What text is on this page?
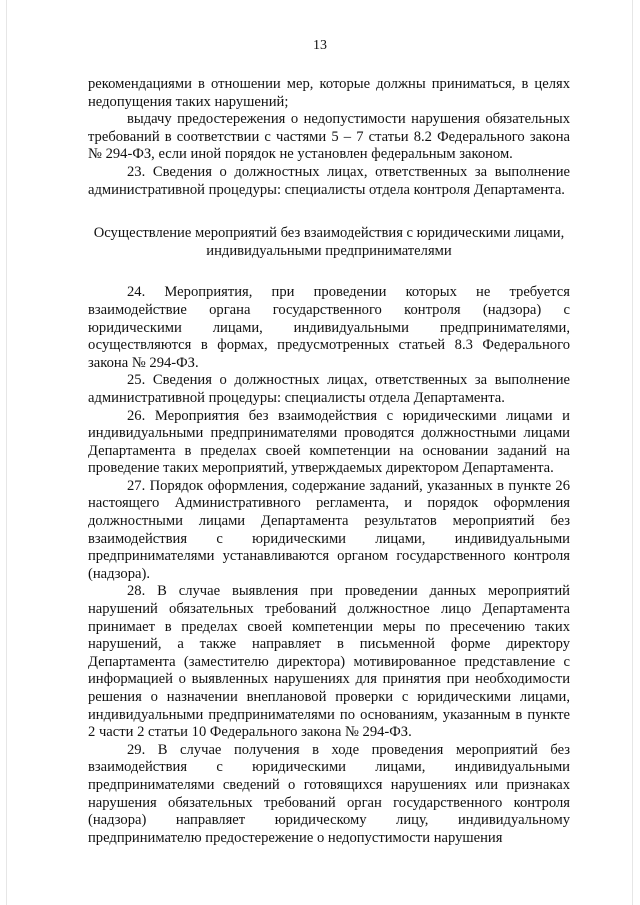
13

рекомендациями в отношении мер, которые должны приниматься, в целях недопущения таких нарушений;

выдачу предостережения о недопустимости нарушения обязательных требований в соответствии с частями 5 – 7 статьи 8.2 Федерального закона № 294-ФЗ, если иной порядок не установлен федеральным законом.

23. Сведения о должностных лицах, ответственных за выполнение административной процедуры: специалисты отдела контроля Департамента.

Осуществление мероприятий без взаимодействия с юридическими лицами, индивидуальными предпринимателями

24. Мероприятия, при проведении которых не требуется взаимодействие органа государственного контроля (надзора) с юридическими лицами, индивидуальными предпринимателями, осуществляются в формах, предусмотренных статьей 8.3 Федерального закона № 294-ФЗ.

25. Сведения о должностных лицах, ответственных за выполнение административной процедуры: специалисты отдела Департамента.

26. Мероприятия без взаимодействия с юридическими лицами и индивидуальными предпринимателями проводятся должностными лицами Департамента в пределах своей компетенции на основании заданий на проведение таких мероприятий, утверждаемых директором Департамента.

27. Порядок оформления, содержание заданий, указанных в пункте 26 настоящего Административного регламента, и порядок оформления должностными лицами Департамента результатов мероприятий без взаимодействия с юридическими лицами, индивидуальными предпринимателями устанавливаются органом государственного контроля (надзора).

28. В случае выявления при проведении данных мероприятий нарушений обязательных требований должностное лицо Департамента принимает в пределах своей компетенции меры по пресечению таких нарушений, а также направляет в письменной форме директору Департамента (заместителю директора) мотивированное представление с информацией о выявленных нарушениях для принятия при необходимости решения о назначении внеплановой проверки с юридическими лицами, индивидуальными предпринимателями по основаниям, указанным в пункте 2 части 2 статьи 10 Федерального закона № 294-ФЗ.

29. В случае получения в ходе проведения мероприятий без взаимодействия с юридическими лицами, индивидуальными предпринимателями сведений о готовящихся нарушениях или признаках нарушения обязательных требований орган государственного контроля (надзора) направляет юридическому лицу, индивидуальному предпринимателю предостережение о недопустимости нарушения
